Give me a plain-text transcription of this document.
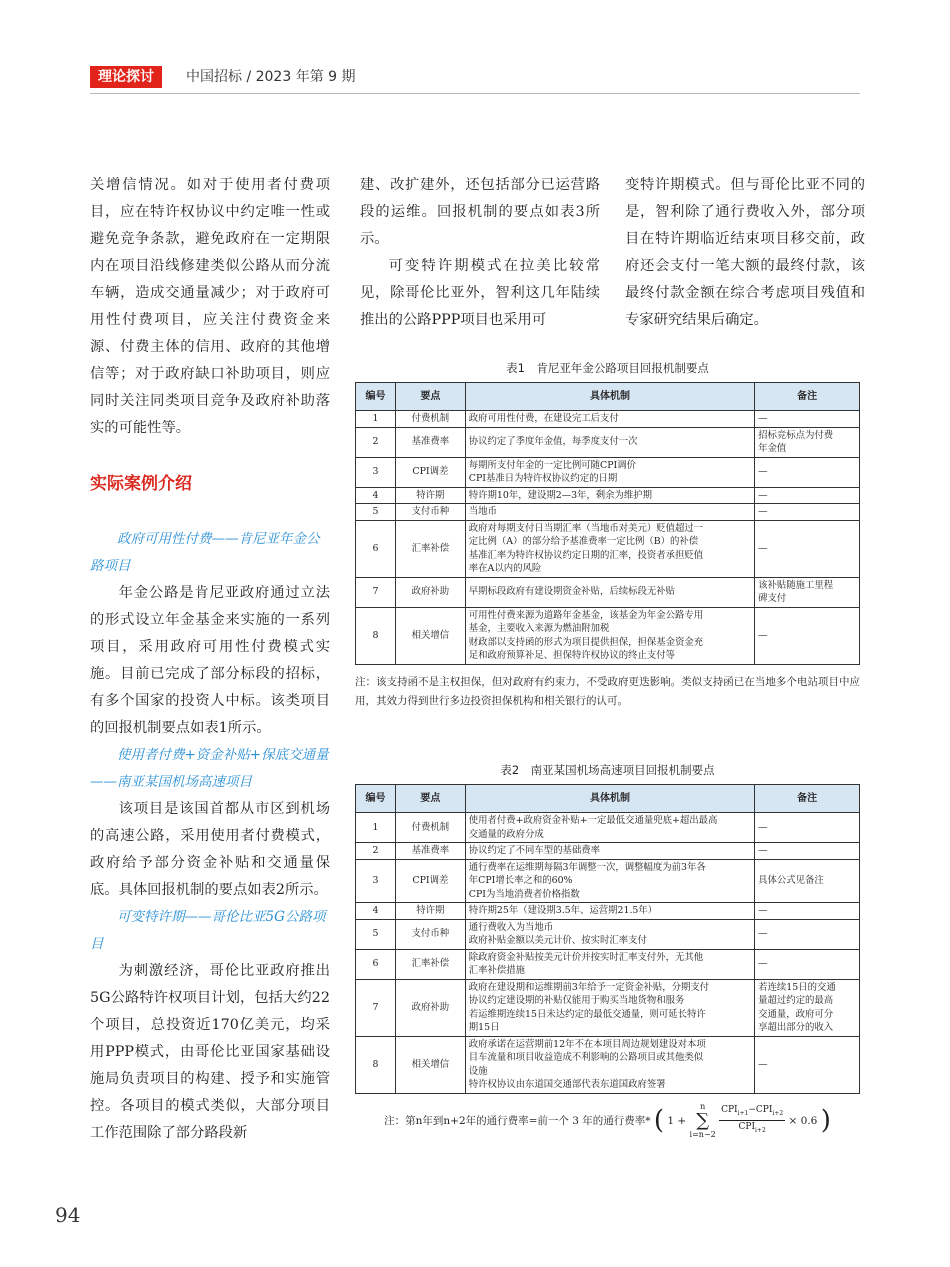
理论探讨	中国招标 / 2023 年第 9 期

关增信情况。如对于使用者付费项目，应在特许权协议中约定唯一性或避免竞争条款，避免政府在一定期限内在项目沿线修建类似公路从而分流车辆，造成交通量减少；对于政府可用性付费项目，应关注付费资金来源、付费主体的信用、政府的其他增信等；对于政府缺口补助项目，则应同时关注同类项目竞争及政府补助落实的可能性等。

实际案例介绍

政府可用性付费——肯尼亚年金公路项目

年金公路是肯尼亚政府通过立法的形式设立年金基金来实施的一系列项目，采用政府可用性付费模式实施。目前已完成了部分标段的招标，有多个国家的投资人中标。该类项目的回报机制要点如表1所示。

使用者付费+资金补贴+保底交通量——南亚某国机场高速项目

该项目是该国首都从市区到机场的高速公路，采用使用者付费模式，政府给予部分资金补贴和交通量保底。具体回报机制的要点如表2所示。

可变特许期——哥伦比亚5G公路项目

为刺激经济，哥伦比亚政府推出5G公路特许权项目计划，包括大约22个项目，总投资近170亿美元，均采用PPP模式，由哥伦比亚国家基础设施局负责项目的构建、授予和实施管控。各项目的模式类似，大部分项目工作范围除了部分路段新

建、改扩建外，还包括部分已运营路段的运维。回报机制的要点如表3所示。

可变特许期模式在拉美比较常见，除哥伦比亚外，智利这几年陆续推出的公路PPP项目也采用可

变特许期模式。但与哥伦比亚不同的是，智利除了通行费收入外，部分项目在特许期临近结束项目移交前，政府还会支付一笔大额的最终付款，该最终付款金额在综合考虑项目残值和专家研究结果后确定。

表1　肯尼亚年金公路项目回报机制要点
编号	要点	具体机制	备注
1	付费机制	政府可用性付费，在建设完工后支付	—

2	基准费率	协议约定了季度年金值，每季度支付一次	招标竞标点为付费
年金值

3	CPI调差	每期所支付年金的一定比例可随CPI调价
CPI基准日为特许权协议约定的日期	—

4	特许期	特许期10年，建设期2—3年，剩余为维护期	—

5	支付币种	当地币	—

6	汇率补偿	政府对每期支付日当期汇率（当地币对美元）贬值超过一
定比例（A）的部分给予基准费率一定比例（B）的补偿
基准汇率为特许权协议约定日期的汇率，投资者承担贬值
率在A以内的风险	—

7	政府补助	早期标段政府有建设期资金补贴，后续标段无补贴	该补贴随施工里程
碑支付

8	相关增信	可用性付费来源为道路年金基金，该基金为年金公路专用
基金，主要收入来源为燃油附加税
财政部以支持函的形式为项目提供担保，担保基金资金充
足和政府预算补足、担保特许权协议的终止支付等	—

注：该支持函不是主权担保，但对政府有约束力，不受政府更迭影响。类似支持函已在当地多个电站项目中应用，其效力得到世行多边投资担保机构和相关银行的认可。

表2　南亚某国机场高速项目回报机制要点
编号	要点	具体机制	备注
1	付费机制	使用者付费+政府资金补贴+一定最低交通量兜底+超出最高
交通量的政府分成	—

2	基准费率	协议约定了不同车型的基础费率	—

3	CPI调差	通行费率在运维期每隔3年调整一次，调整幅度为前3年各
年CPI增长率之和的60%
CPI为当地消费者价格指数	具体公式见备注

4	特许期	特许期25年（建设期3.5年、运营期21.5年）	—

5	支付币种	通行费收入为当地币
政府补贴金额以美元计价、按实时汇率支付	—

6	汇率补偿	除政府资金补贴按美元计价并按实时汇率支付外，无其他
汇率补偿措施	—

7	政府补助	政府在建设期和运维期前3年给予一定资金补贴，分期支付
协议约定建设期的补贴仅能用于购买当地货物和服务
若运维期连续15日未达约定的最低交通量，则可延长特许
期15日	若连续15日的交通
量超过约定的最高
交通量，政府可分
享超出部分的收入

8	相关增信	政府承诺在运营期前12年不在本项目周边规划建设对本项
目车流量和项目收益造成不利影响的公路项目或其他类似
设施
特许权协议由东道国交通部代表东道国政府签署	—

注：第n年到n+2年的通行费率=前一个 3 年的通行费率* ( 1 +
n
∑
i=n−2

$CPI_{i+1}-CPI_{i+2}$
$CPI_{i+2}$
× 0.6 )

94
